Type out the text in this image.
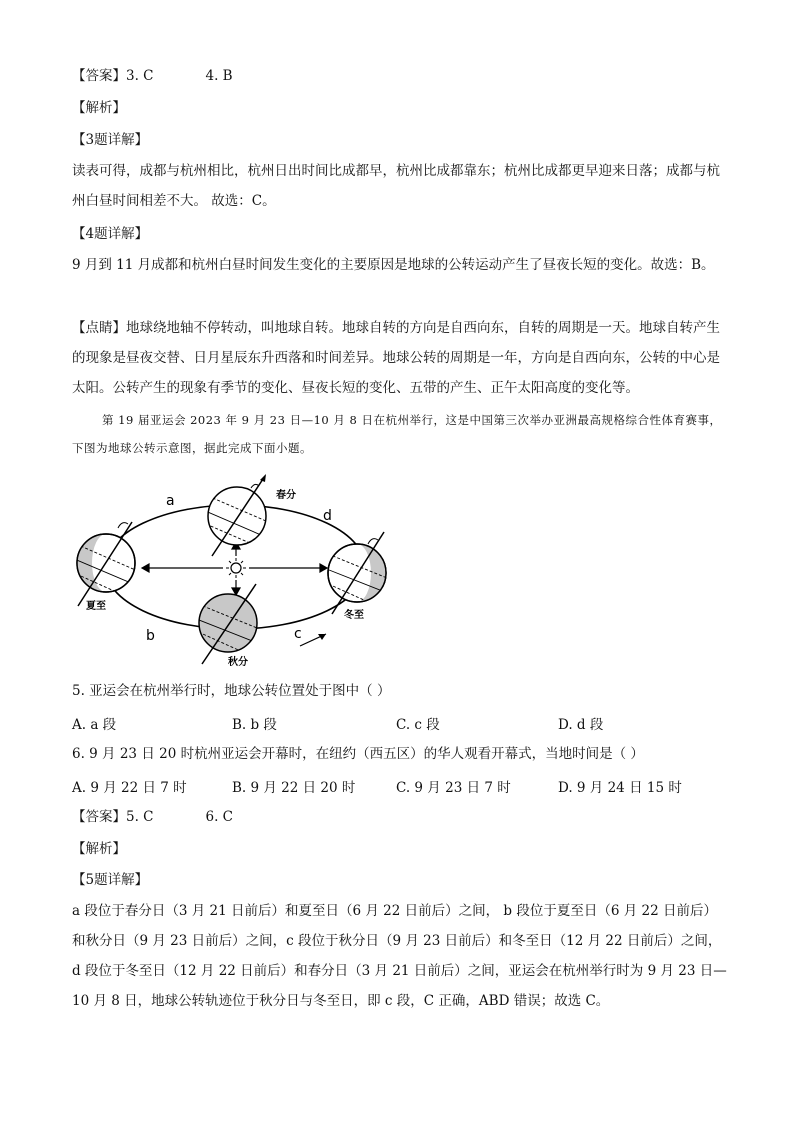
【答案】3. C	4. B
【解析】
【3题详解】
读表可得，成都与杭州相比，杭州日出时间比成都早，杭州比成都靠东；杭州比成都更早迎来日落；成都与杭州白昼时间相差不大。 故选：C。
【4题详解】
9 月到 11 月成都和杭州白昼时间发生变化的主要原因是地球的公转运动产生了昼夜长短的变化。故选：B。
【点睛】地球绕地轴不停转动，叫地球自转。地球自转的方向是自西向东，自转的周期是一天。地球自转产生的现象是昼夜交替、日月星辰东升西落和时间差异。地球公转的周期是一年，方向是自西向东，公转的中心是太阳。公转产生的现象有季节的变化、昼夜长短的变化、五带的产生、正午太阳高度的变化等。
第 19 届亚运会 2023 年 9 月 23 日—10 月 8 日在杭州举行，这是中国第三次举办亚洲最高规格综合性体育赛事，下图为地球公转示意图，据此完成下面小题。
a
d
b	c
春分
夏至
秋分
冬至
5. 亚运会在杭州举行时，地球公转位置处于图中（ ）
A. a 段	B. b 段	C. c 段	D. d 段
6. 9 月 23 日 20 时杭州亚运会开幕时，在纽约（西五区）的华人观看开幕式，当地时间是（ ）
A. 9 月 22 日 7 时	B. 9 月 22 日 20 时	C. 9 月 23 日 7 时	D. 9 月 24 日 15 时
【答案】5. C	6. C
【解析】
【5题详解】
a 段位于春分日（3 月 21 日前后）和夏至日（6 月 22 日前后）之间， b 段位于夏至日（6 月 22 日前后）和秋分日（9 月 23 日前后）之间，c 段位于秋分日（9 月 23 日前后）和冬至日（12 月 22 日前后）之间，d 段位于冬至日（12 月 22 日前后）和春分日（3 月 21 日前后）之间，亚运会在杭州举行时为 9 月 23 日—10 月 8 日，地球公转轨迹位于秋分日与冬至日，即 c 段，C 正确，ABD 错误；故选 C。
